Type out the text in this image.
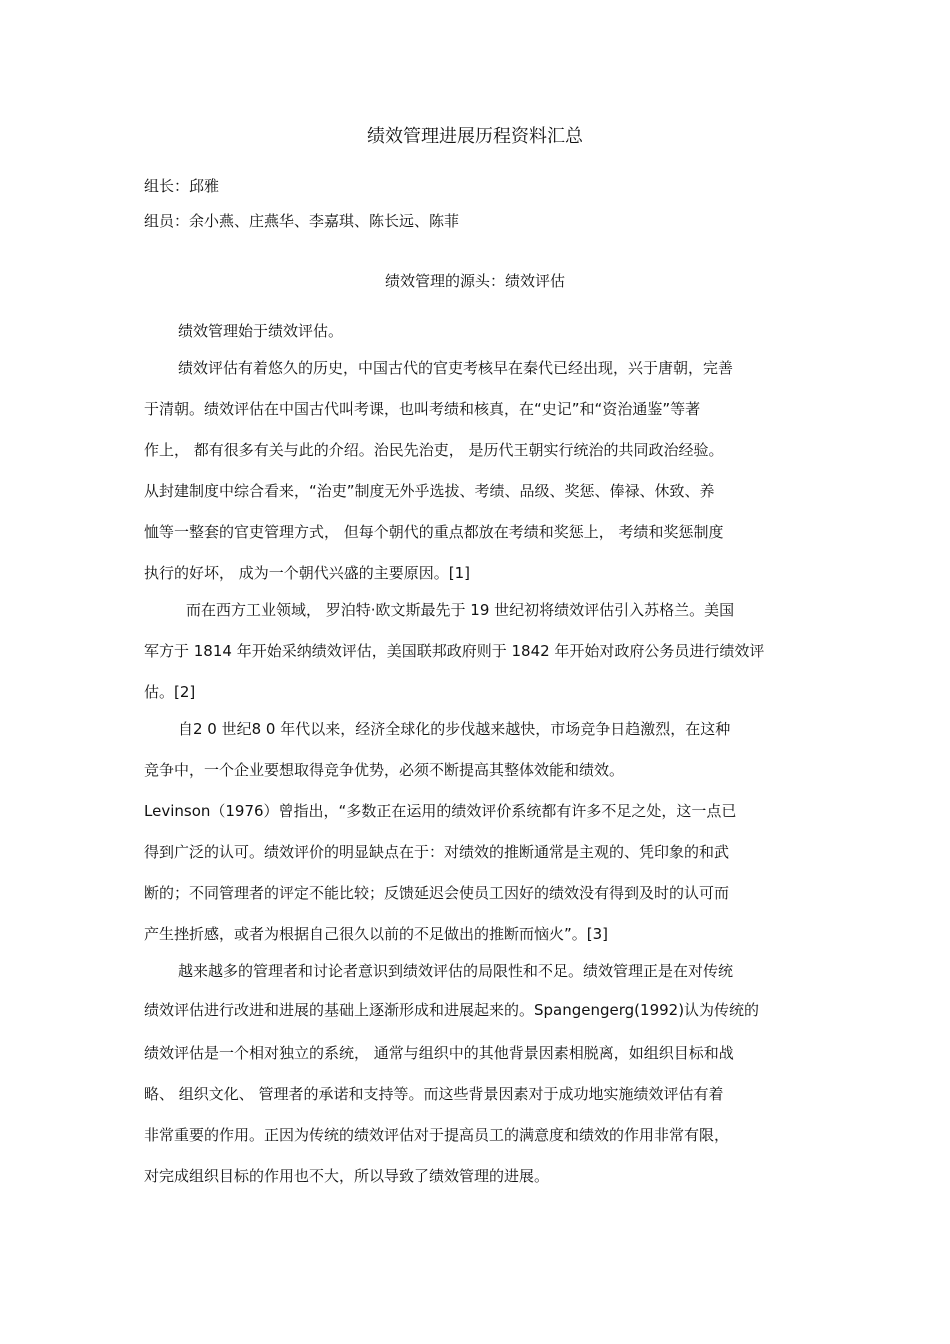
绩效管理进展历程资料汇总
组长：邱雅
组员：余小燕、庄燕华、李嘉琪、陈长远、陈菲
绩效管理的源头：绩效评估
绩效管理始于绩效评估。
绩效评估有着悠久的历史，中国古代的官吏考核早在秦代已经出现，兴于唐朝，完善
于清朝。绩效评估在中国古代叫考课，也叫考绩和核真，在“史记”和“资治通鉴”等著
作上， 都有很多有关与此的介绍。治民先治吏， 是历代王朝实行统治的共同政治经验。
从封建制度中综合看来，“治吏”制度无外乎选拔、考绩、品级、奖惩、俸禄、休致、养
恤等一整套的官吏管理方式， 但每个朝代的重点都放在考绩和奖惩上， 考绩和奖惩制度
执行的好坏， 成为一个朝代兴盛的主要原因。[1]
而在西方工业领域， 罗泊特·欧文斯最先于 19 世纪初将绩效评估引入苏格兰。美国
军方于 1814 年开始采纳绩效评估，美国联邦政府则于 1842 年开始对政府公务员进行绩效评
估。[2]
自2 0 世纪8 0 年代以来，经济全球化的步伐越来越快，市场竞争日趋激烈，在这种
竞争中，一个企业要想取得竞争优势，必须不断提高其整体效能和绩效。
Levinson（1976）曾指出，“多数正在运用的绩效评价系统都有许多不足之处，这一点已
得到广泛的认可。绩效评价的明显缺点在于：对绩效的推断通常是主观的、凭印象的和武
断的；不同管理者的评定不能比较；反馈延迟会使员工因好的绩效没有得到及时的认可而
产生挫折感，或者为根据自己很久以前的不足做出的推断而恼火”。[3]
越来越多的管理者和讨论者意识到绩效评估的局限性和不足。绩效管理正是在对传统
绩效评估进行改进和进展的基础上逐渐形成和进展起来的。Spangengerg(1992)认为传统的
绩效评估是一个相对独立的系统， 通常与组织中的其他背景因素相脱离，如组织目标和战
略、 组织文化、 管理者的承诺和支持等。而这些背景因素对于成功地实施绩效评估有着
非常重要的作用。正因为传统的绩效评估对于提高员工的满意度和绩效的作用非常有限，
对完成组织目标的作用也不大，所以导致了绩效管理的进展。
